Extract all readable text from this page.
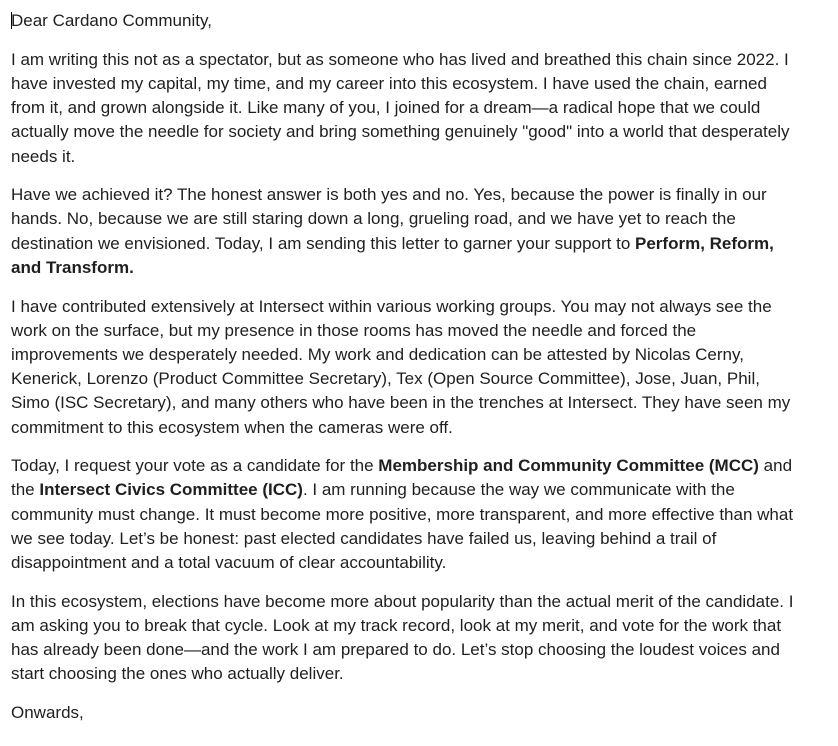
Dear Cardano Community,

I am writing this not as a spectator, but as someone who has lived and breathed this chain since 2022. I have invested my capital, my time, and my career into this ecosystem. I have used the chain, earned from it, and grown alongside it. Like many of you, I joined for a dream—a radical hope that we could actually move the needle for society and bring something genuinely "good" into a world that desperately needs it.

Have we achieved it? The honest answer is both yes and no. Yes, because the power is finally in our hands. No, because we are still staring down a long, grueling road, and we have yet to reach the destination we envisioned. Today, I am sending this letter to garner your support to Perform, Reform, and Transform.

I have contributed extensively at Intersect within various working groups. You may not always see the work on the surface, but my presence in those rooms has moved the needle and forced the improvements we desperately needed. My work and dedication can be attested by Nicolas Cerny, Kenerick, Lorenzo (Product Committee Secretary), Tex (Open Source Committee), Jose, Juan, Phil, Simo (ISC Secretary), and many others who have been in the trenches at Intersect. They have seen my commitment to this ecosystem when the cameras were off.

Today, I request your vote as a candidate for the Membership and Community Committee (MCC) and the Intersect Civics Committee (ICC). I am running because the way we communicate with the community must change. It must become more positive, more transparent, and more effective than what we see today. Let’s be honest: past elected candidates have failed us, leaving behind a trail of disappointment and a total vacuum of clear accountability.

In this ecosystem, elections have become more about popularity than the actual merit of the candidate. I am asking you to break that cycle. Look at my track record, look at my merit, and vote for the work that has already been done—and the work I am prepared to do. Let’s stop choosing the loudest voices and start choosing the ones who actually deliver.

Onwards,
